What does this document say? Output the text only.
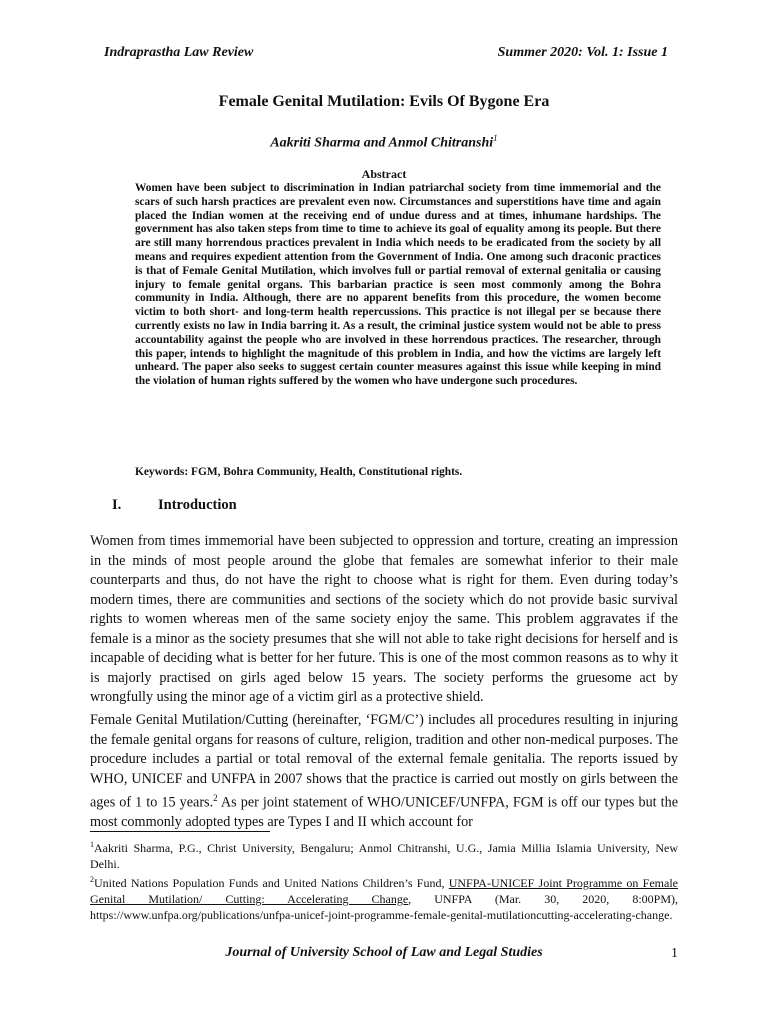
Indraprastha Law Review	Summer 2020: Vol. 1: Issue 1
Female Genital Mutilation: Evils Of Bygone Era
Aakriti Sharma and Anmol Chitranshi$^1$
Abstract

Women have been subject to discrimination in Indian patriarchal society from time immemorial and the scars of such harsh practices are prevalent even now. Circumstances and superstitions have time and again placed the Indian women at the receiving end of undue duress and at times, inhumane hardships. The government has also taken steps from time to time to achieve its goal of equality among its people. But there are still many horrendous practices prevalent in India which needs to be eradicated from the society by all means and requires expedient attention from the Government of India. One among such draconic practices is that of Female Genital Mutilation, which involves full or partial removal of external genitalia or causing injury to female genital organs. This barbarian practice is seen most commonly among the Bohra community in India. Although, there are no apparent benefits from this procedure, the women become victim to both short- and long-term health repercussions. This practice is not illegal per se because there currently exists no law in India barring it. As a result, the criminal justice system would not be able to press accountability against the people who are involved in these horrendous practices. The researcher, through this paper, intends to highlight the magnitude of this problem in India, and how the victims are largely left unheard. The paper also seeks to suggest certain counter measures against this issue while keeping in mind the violation of human rights suffered by the women who have undergone such procedures.

Keywords: FGM, Bohra Community, Health, Constitutional rights.

I.	Introduction

Women from times immemorial have been subjected to oppression and torture, creating an impression in the minds of most people around the globe that females are somewhat inferior to their male counterparts and thus, do not have the right to choose what is right for them. Even during today’s modern times, there are communities and sections of the society which do not provide basic survival rights to women whereas men of the same society enjoy the same. This problem aggravates if the female is a minor as the society presumes that she will not able to take right decisions for herself and is incapable of deciding what is better for her future. This is one of the most common reasons as to why it is majorly practised on girls aged below 15 years. The society performs the gruesome act by wrongfully using the minor age of a victim girl as a protective shield.

Female Genital Mutilation/Cutting (hereinafter, ‘FGM/C’) includes all procedures resulting in injuring the female genital organs for reasons of culture, religion, tradition and other non-medical purposes. The procedure includes a partial or total removal of the external female genitalia. The reports issued by WHO, UNICEF and UNFPA in 2007 shows that the practice is carried out mostly on girls between the ages of 1 to 15 years.$^2$ As per joint statement of WHO/UNICEF/UNFPA, FGM is off our types but the most commonly adopted types are Types I and II which account for

$^1$Aakriti Sharma, P.G., Christ University, Bengaluru; Anmol Chitranshi, U.G., Jamia Millia Islamia University, New Delhi.

$^2$United Nations Population Funds and United Nations Children’s Fund, UNFPA-UNICEF Joint Programme on Female Genital Mutilation/ Cutting: Accelerating Change, UNFPA (Mar. 30, 2020, 8:00PM), https://www.unfpa.org/publications/unfpa-unicef-joint-programme-female-genital-mutilationcutting-accelerating-change.

Journal of University School of Law and Legal Studies	1
